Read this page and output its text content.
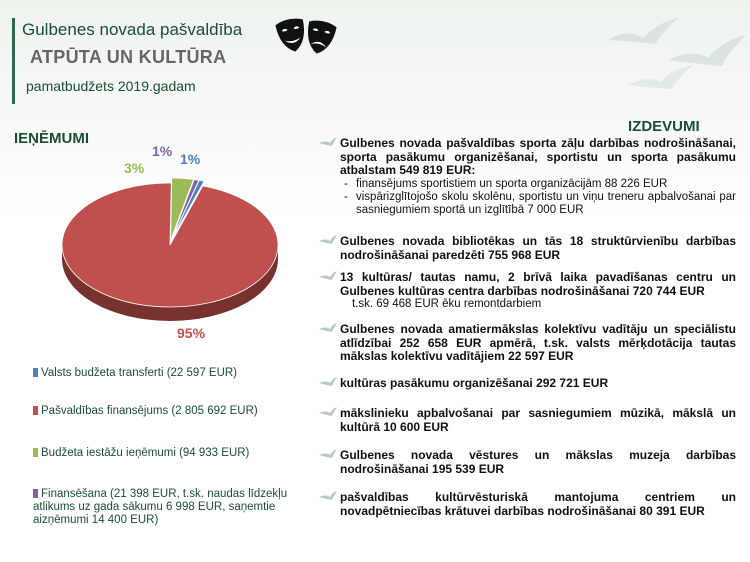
Gulbenes novada pašvaldība
ATPŪTA UN KULTŪRA
pamatbudžets 2019.gadam
IEŅĒMUMI
1% 1%
3%
95%
Valsts budžeta transferti (22 597 EUR)
Pašvaldības finansējums (2 805 692 EUR)
Budžeta iestāžu ieņēmumi (94 933 EUR)
Finansēšana (21 398 EUR, t.sk. naudas līdzekļu atlikums uz gada sākumu 6 998 EUR, saņemtie aizņēmumi 14 400 EUR)
IZDEVUMI

Gulbenes novada pašvaldības sporta zāļu darbības nodrošināšanai, sporta pasākumu organizēšanai, sportistu un sporta pasākumu atbalstam 549 819 EUR:

- finansējums sportistiem un sporta organizācijām 88 226 EUR
- vispārizglītojošo skolu skolēnu, sportistu un viņu treneru apbalvošanai par sasniegumiem sportā un izglītībā 7 000 EUR

Gulbenes novada bibliotēkas un tās 18 struktūrvienību darbības nodrošināšanai paredzēti 755 968 EUR

13 kultūras/ tautas namu, 2 brīvā laika pavadīšanas centru un Gulbenes kultūras centra darbības nodrošināšanai 720 744 EUR

t.sk. 69 468 EUR ēku remontdarbiem

Gulbenes novada amatiermākslas kolektīvu vadītāju un speciālistu atlīdzībai 252 658 EUR apmērā, t.sk. valsts mērķdotācija tautas mākslas kolektīvu vadītājiem 22 597 EUR

kultūras pasākumu organizēšanai 292 721 EUR

mākslinieku apbalvošanai par sasniegumiem mūzikā, mākslā un kultūrā 10 600 EUR

Gulbenes novada vēstures un mākslas muzeja darbības nodrošināšanai 195 539 EUR

pašvaldības kultūrvēsturiskā mantojuma centriem un novadpētniecības krātuvei darbības nodrošināšanai 80 391 EUR
